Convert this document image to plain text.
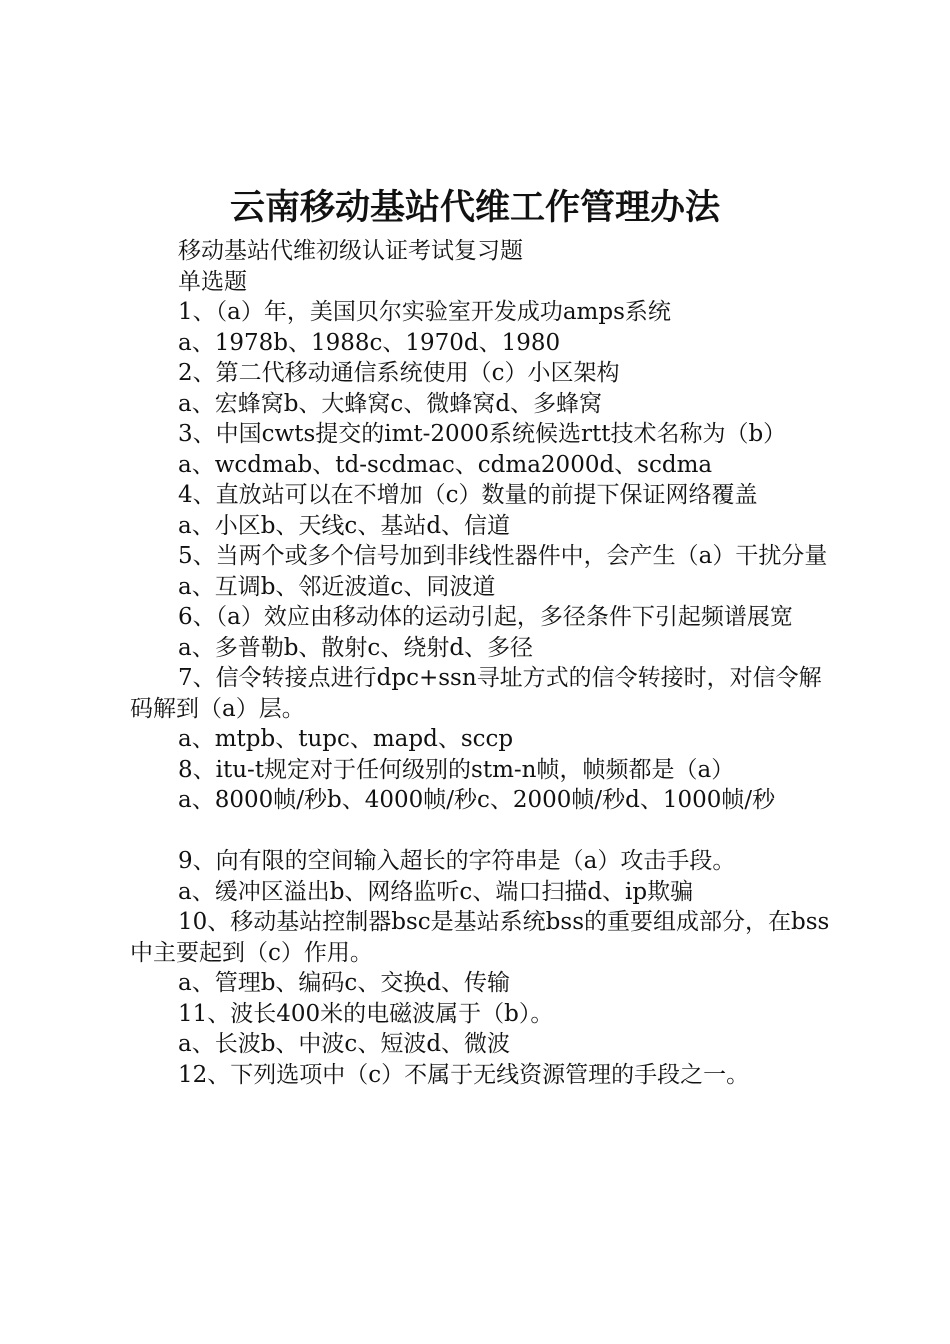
云南移动基站代维工作管理办法

移动基站代维初级认证考试复习题

单选题

1、（a）年，美国贝尔实验室开发成功amps系统

a、1978b、1988c、1970d、1980

2、第二代移动通信系统使用（c）小区架构

a、宏蜂窝b、大蜂窝c、微蜂窝d、多蜂窝

3、中国cwts提交的imt-2000系统候选rtt技术名称为（b）

a、wcdmab、td-scdmac、cdma2000d、scdma

4、直放站可以在不增加（c）数量的前提下保证网络覆盖

a、小区b、天线c、基站d、信道

5、当两个或多个信号加到非线性器件中，会产生（a）干扰分量

a、互调b、邻近波道c、同波道

6、（a）效应由移动体的运动引起，多径条件下引起频谱展宽

a、多普勒b、散射c、绕射d、多径

7、信令转接点进行dpc+ssn寻址方式的信令转接时，对信令解码解到（a）层。

a、mtpb、tupc、mapd、sccp

8、itu-t规定对于任何级别的stm-n帧，帧频都是（a）

a、8000帧/秒b、4000帧/秒c、2000帧/秒d、1000帧/秒

9、向有限的空间输入超长的字符串是（a）攻击手段。

a、缓冲区溢出b、网络监听c、端口扫描d、ip欺骗

10、移动基站控制器bsc是基站系统bss的重要组成部分，在bss中主要起到（c）作用。

a、管理b、编码c、交换d、传输

11、波长400米的电磁波属于（b）。

a、长波b、中波c、短波d、微波

12、下列选项中（c）不属于无线资源管理的手段之一。
